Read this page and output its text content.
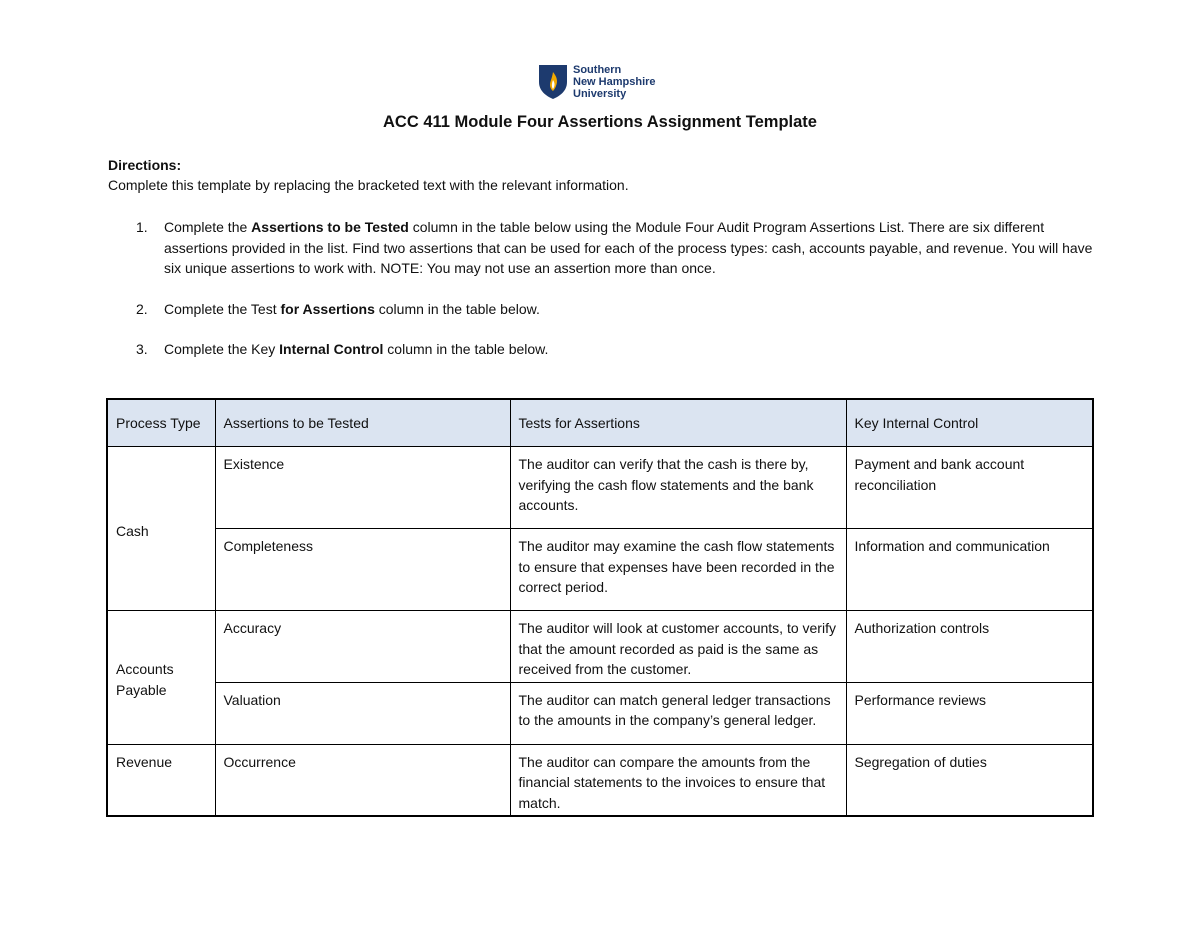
Southern
New Hampshire
University
ACC 411 Module Four Assertions Assignment Template
Directions:
Complete this template by replacing the bracketed text with the relevant information.
1. Complete the Assertions to be Tested column in the table below using the Module Four Audit Program Assertions List. There are six different assertions provided in the list. Find two assertions that can be used for each of the process types: cash, accounts payable, and revenue. You will have six unique assertions to work with. NOTE: You may not use an assertion more than once.
2. Complete the Test for Assertions column in the table below.
3. Complete the Key Internal Control column in the table below.
Process Type	Assertions to be Tested	Tests for Assertions	Key Internal Control
Cash	Existence	The auditor can verify that the cash is there by, verifying the cash flow statements and the bank accounts.	Payment and bank account reconciliation
	Completeness	The auditor may examine the cash flow statements to ensure that expenses have been recorded in the correct period.	Information and communication
Accounts Payable	Accuracy	The auditor will look at customer accounts, to verify that the amount recorded as paid is the same as received from the customer.	Authorization controls
	Valuation	The auditor can match general ledger transactions to the amounts in the company’s general ledger.	Performance reviews
Revenue	Occurrence	The auditor can compare the amounts from the financial statements to the invoices to ensure that match.	Segregation of duties
